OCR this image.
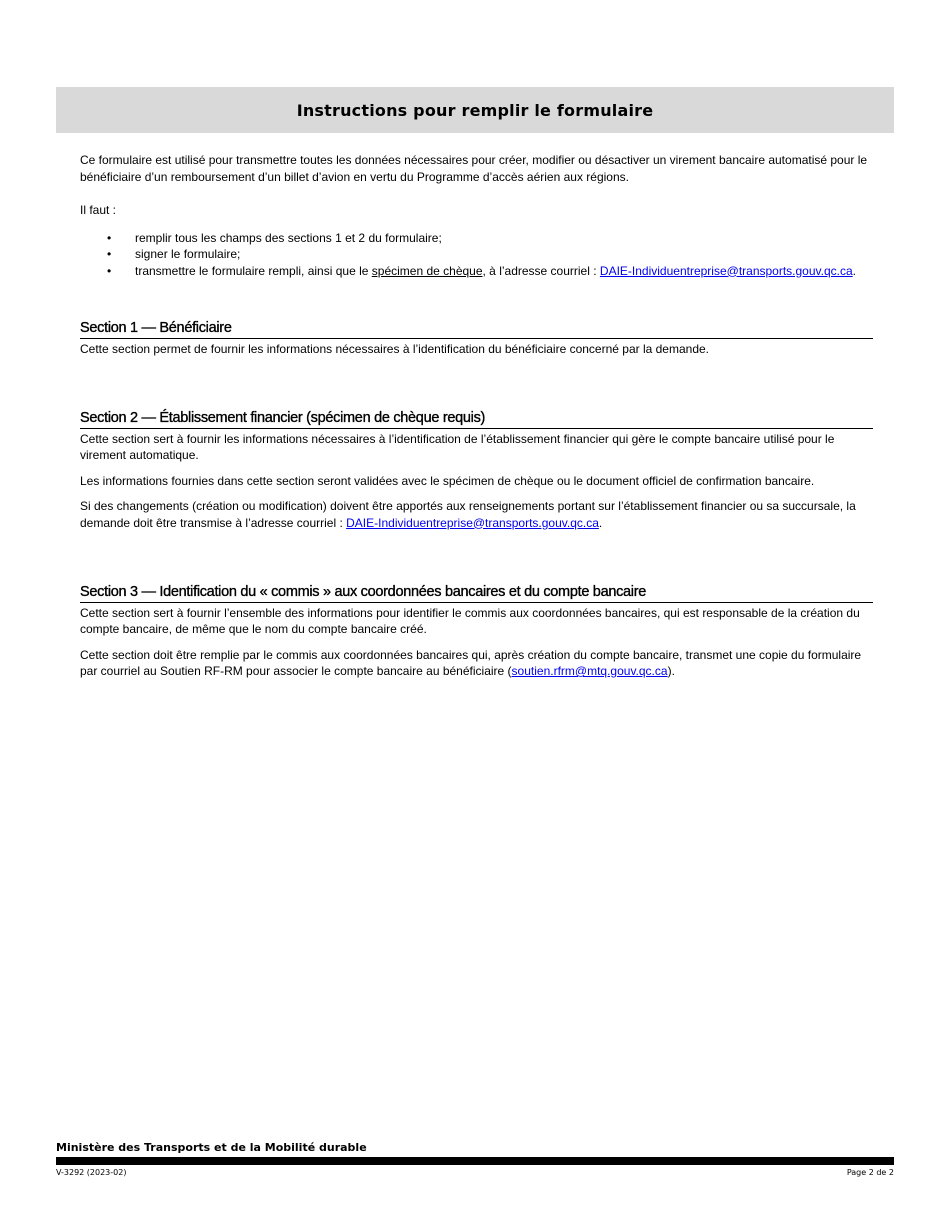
Instructions pour remplir le formulaire

Ce formulaire est utilisé pour transmettre toutes les données nécessaires pour créer, modifier ou désactiver un virement bancaire automatisé pour le bénéficiaire d’un remboursement d’un billet d’avion en vertu du Programme d’accès aérien aux régions.

Il faut :

• remplir tous les champs des sections 1 et 2 du formulaire;
• signer le formulaire;
• transmettre le formulaire rempli, ainsi que le spécimen de chèque, à l’adresse courriel : DAIE-Individuentreprise@transports.gouv.qc.ca.
Section 1 — Bénéficiaire

Cette section permet de fournir les informations nécessaires à l’identification du bénéficiaire concerné par la demande.

Section 2 — Établissement financier (spécimen de chèque requis)

Cette section sert à fournir les informations nécessaires à l’identification de l’établissement financier qui gère le compte bancaire utilisé pour le virement automatique.

Les informations fournies dans cette section seront validées avec le spécimen de chèque ou le document officiel de confirmation bancaire.

Si des changements (création ou modification) doivent être apportés aux renseignements portant sur l’établissement financier ou sa succursale, la demande doit être transmise à l’adresse courriel : DAIE-Individuentreprise@transports.gouv.qc.ca.

Section 3 — Identification du « commis » aux coordonnées bancaires et du compte bancaire

Cette section sert à fournir l’ensemble des informations pour identifier le commis aux coordonnées bancaires, qui est responsable de la création du compte bancaire, de même que le nom du compte bancaire créé.

Cette section doit être remplie par le commis aux coordonnées bancaires qui, après création du compte bancaire, transmet une copie du formulaire par courriel au Soutien RF-RM pour associer le compte bancaire au bénéficiaire (soutien.rfrm@mtq.gouv.qc.ca).

Ministère des Transports et de la Mobilité durable
V-3292 (2023-02)	Page 2 de 2
